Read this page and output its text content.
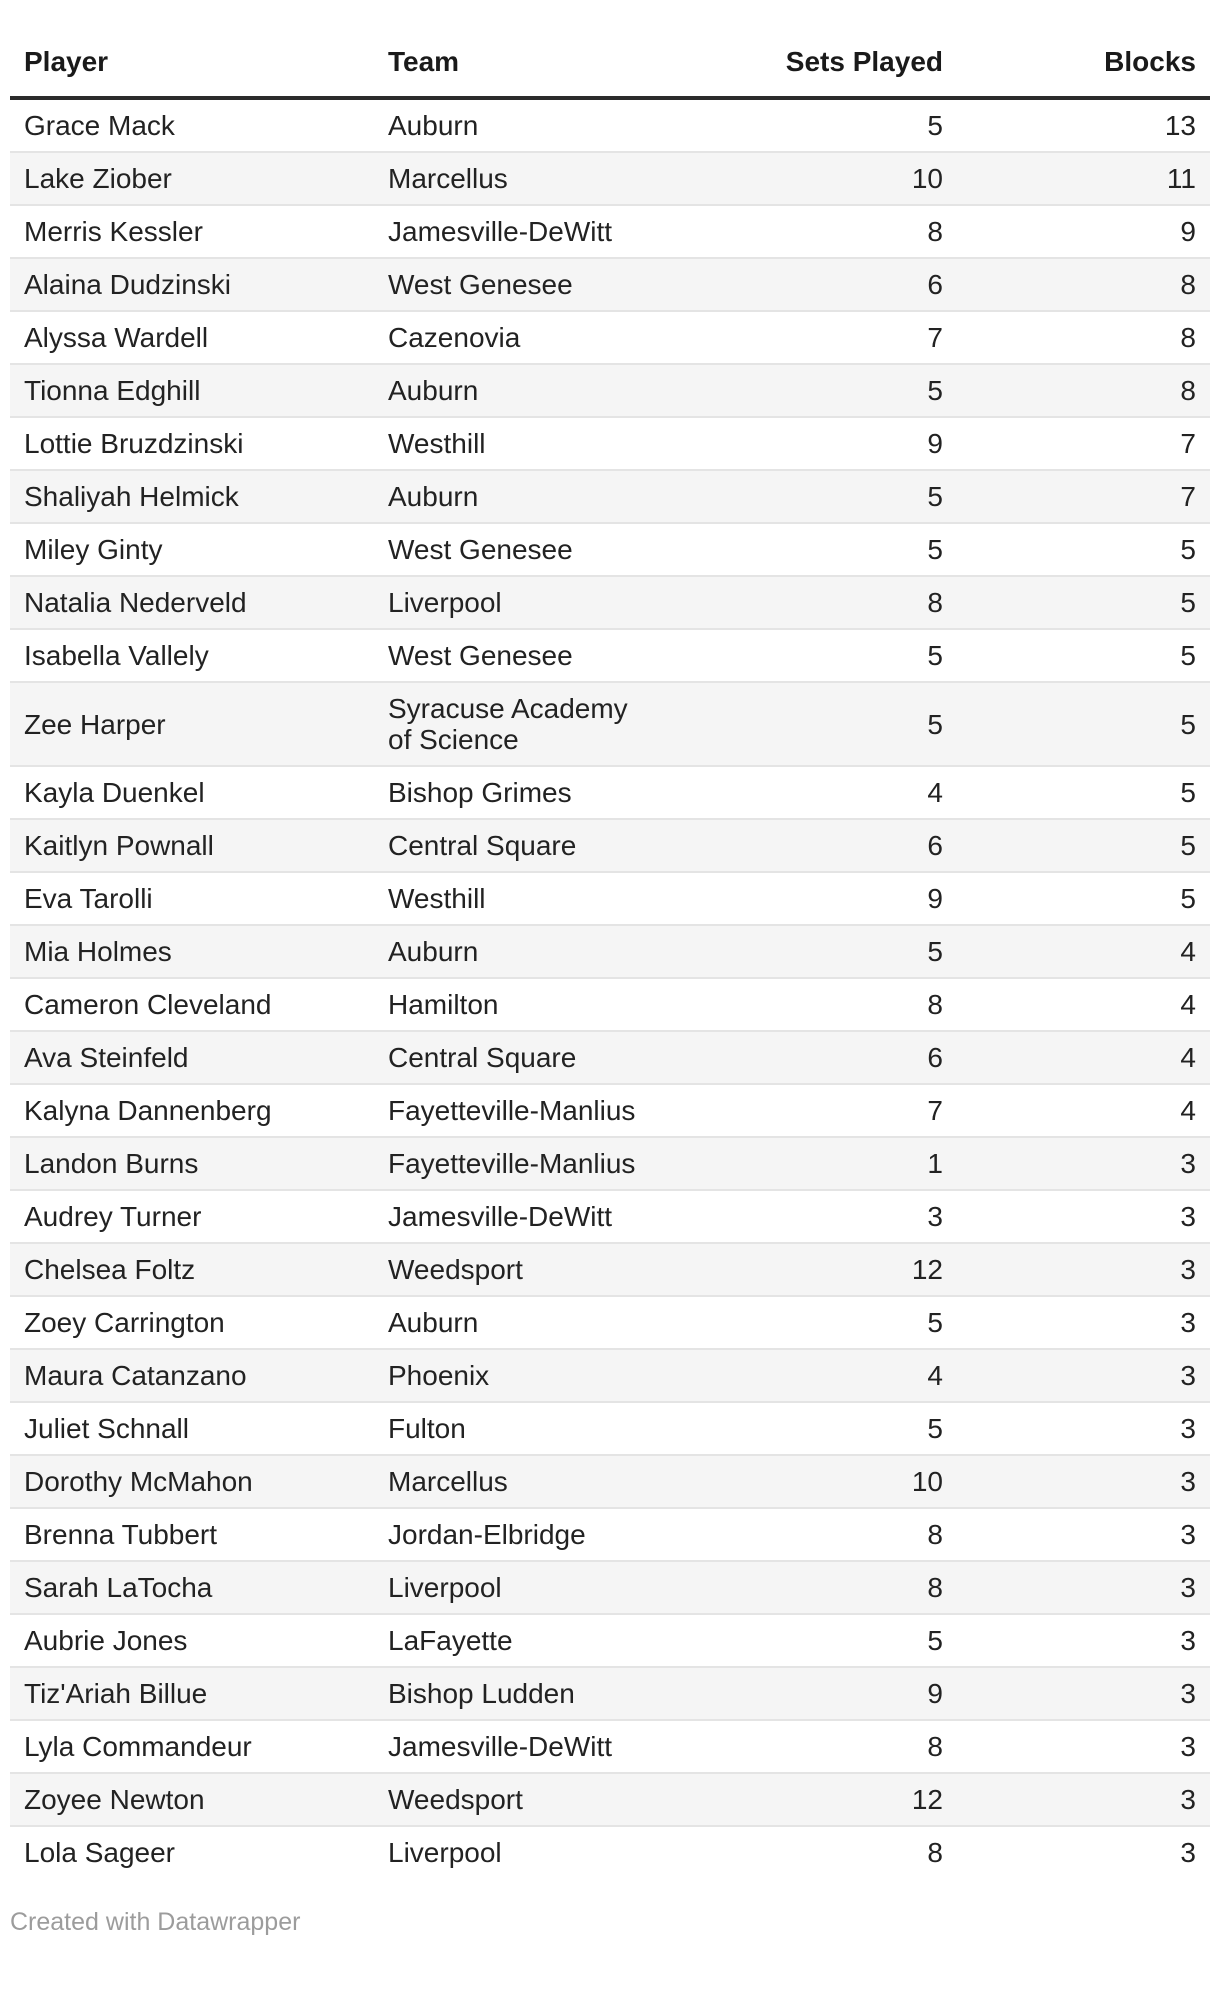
Player	Team	Sets Played	Blocks
Grace Mack	Auburn	5	13
Lake Ziober	Marcellus	10	11
Merris Kessler	Jamesville-DeWitt	8	9
Alaina Dudzinski	West Genesee	6	8
Alyssa Wardell	Cazenovia	7	8
Tionna Edghill	Auburn	5	8
Lottie Bruzdzinski	Westhill	9	7
Shaliyah Helmick	Auburn	5	7
Miley Ginty	West Genesee	5	5
Natalia Nederveld	Liverpool	8	5
Isabella Vallely	West Genesee	5	5
Zee Harper	Syracuse Academy of Science	5	5
Kayla Duenkel	Bishop Grimes	4	5
Kaitlyn Pownall	Central Square	6	5
Eva Tarolli	Westhill	9	5
Mia Holmes	Auburn	5	4
Cameron Cleveland	Hamilton	8	4
Ava Steinfeld	Central Square	6	4
Kalyna Dannenberg	Fayetteville-Manlius	7	4
Landon Burns	Fayetteville-Manlius	1	3
Audrey Turner	Jamesville-DeWitt	3	3
Chelsea Foltz	Weedsport	12	3
Zoey Carrington	Auburn	5	3
Maura Catanzano	Phoenix	4	3
Juliet Schnall	Fulton	5	3
Dorothy McMahon	Marcellus	10	3
Brenna Tubbert	Jordan-Elbridge	8	3
Sarah LaTocha	Liverpool	8	3
Aubrie Jones	LaFayette	5	3
Tiz'Ariah Billue	Bishop Ludden	9	3
Lyla Commandeur	Jamesville-DeWitt	8	3
Zoyee Newton	Weedsport	12	3
Lola Sageer	Liverpool	8	3
Created with Datawrapper
